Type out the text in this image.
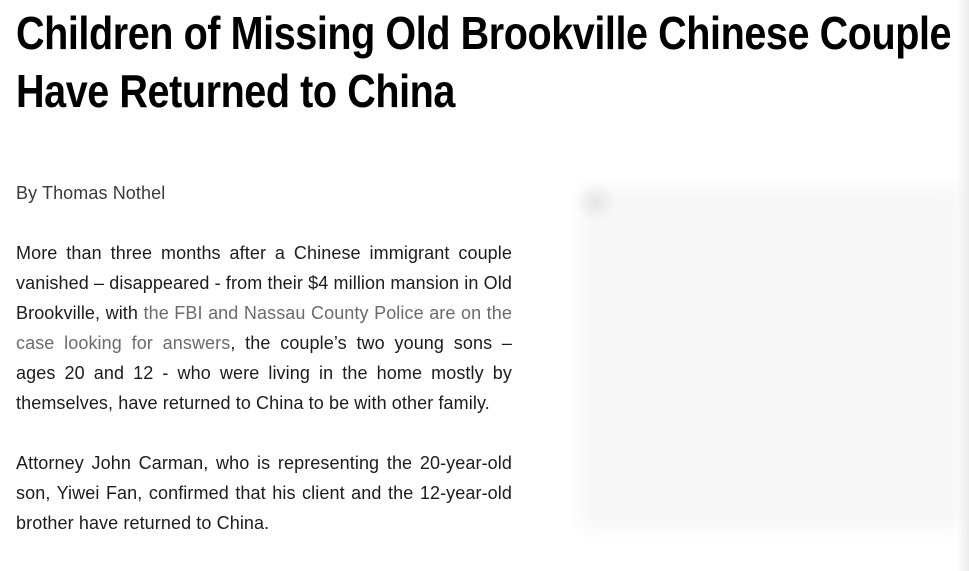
Children of Missing Old Brookville Chinese Couple
Have Returned to China
By Thomas Nothel

More than three months after a Chinese immigrant couple vanished – disappeared - from their $4 million mansion in Old Brookville, with the FBI and Nassau County Police are on the case looking for answers, the couple’s two young sons – ages 20 and 12 - who were living in the home mostly by themselves, have returned to China to be with other family.

Attorney John Carman, who is representing the 20-year-old son, Yiwei Fan, confirmed that his client and the 12-year-old brother have returned to China.
